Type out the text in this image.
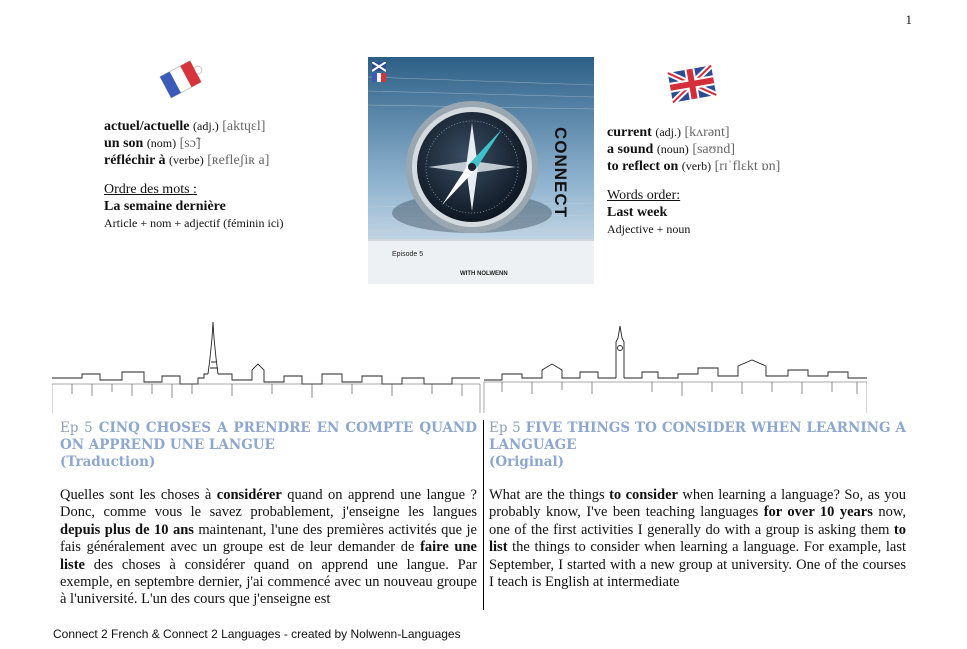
1
actuel/actuelle (adj.) [aktɥɛl]
un son (nom) [sɔ̃]
réfléchir à (verbe) [ʀefleʃiʀ a]
Ordre des mots :
La semaine dernière
Article + nom + adjectif (féminin ici)
current (adj.) [kʌrənt]
a sound (noun) [saʊnd]
to reflect on (verb) [rɪˈflɛkt ɒn]
Words order:
Last week
Adjective + noun
CONNECT
Episode 5
WITH NOLWENN
Ep 5 CINQ CHOSES A PRENDRE EN COMPTE QUAND ON APPREND UNE LANGUE
(Traduction)
Quelles sont les choses à considérer quand on apprend une langue ? Donc, comme vous le savez probablement, j'enseigne les langues depuis plus de 10 ans maintenant, l'une des premières activités que je fais généralement avec un groupe est de leur demander de faire une liste des choses à considérer quand on apprend une langue. Par exemple, en septembre dernier, j'ai commencé avec un nouveau groupe à l'université. L'un des cours que j'enseigne est
Ep 5 FIVE THINGS TO CONSIDER WHEN LEARNING A LANGUAGE
(Original)
What are the things to consider when learning a language? So, as you probably know, I've been teaching languages for over 10 years now, one of the first activities I generally do with a group is asking them to list the things to consider when learning a language. For example, last September, I started with a new group at university. One of the courses I teach is English at intermediate
Connect 2 French & Connect 2 Languages - created by Nolwenn-Languages
